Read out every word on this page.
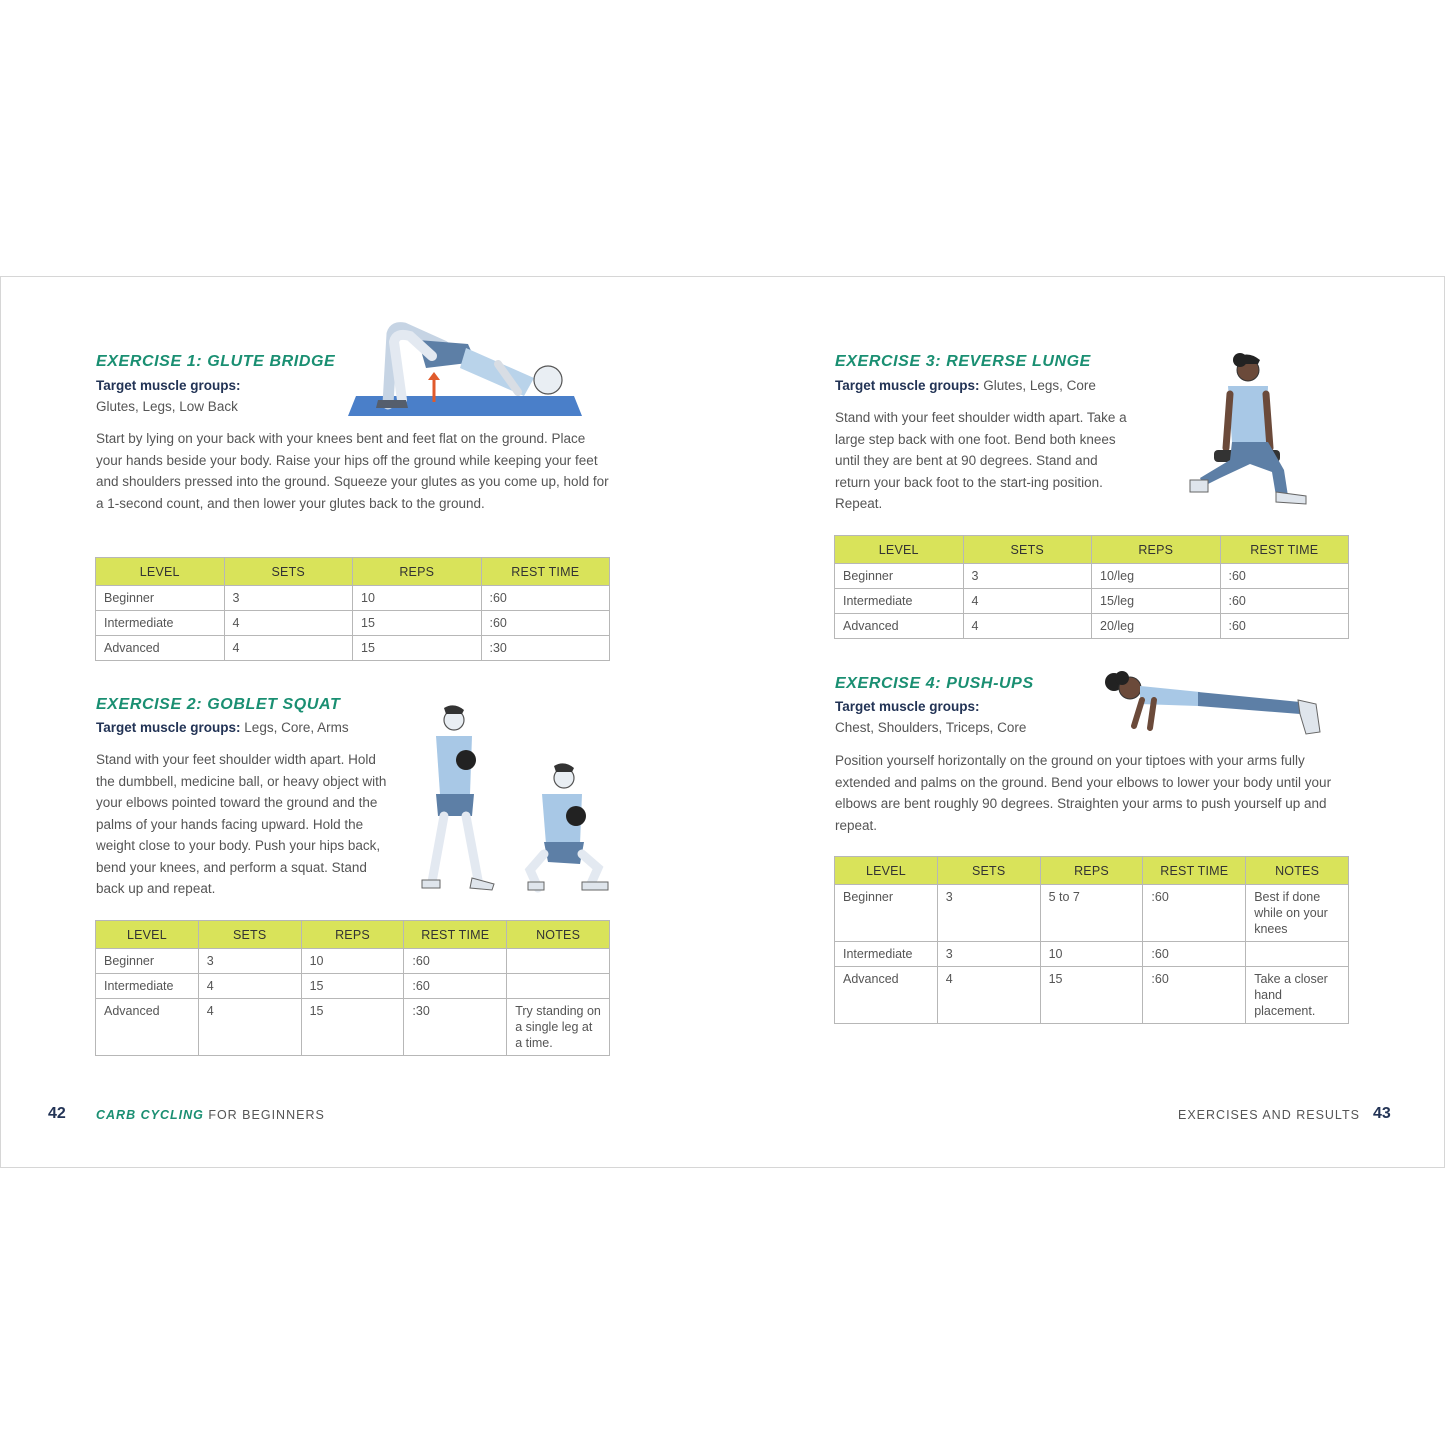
EXERCISE 1: GLUTE BRIDGE
Target muscle groups:
Glutes, Legs, Low Back
Start by lying on your back with your knees bent and feet flat on the ground. Place your hands beside your body. Raise your hips off the ground while keeping your feet and shoulders pressed into the ground. Squeeze your glutes as you come up, hold for a 1-second count, and then lower your glutes back to the ground.
LEVEL	SETS	REPS	REST TIME
Beginner	3	10	:60
Intermediate	4	15	:60
Advanced	4	15	:30
EXERCISE 2: GOBLET SQUAT
Target muscle groups: Legs, Core, Arms
Stand with your feet shoulder width apart. Hold the dumbbell, medicine ball, or heavy object with your elbows pointed toward the ground and the palms of your hands facing upward. Hold the weight close to your body. Push your hips back, bend your knees, and perform a squat. Stand back up and repeat.
LEVEL	SETS	REPS	REST TIME	NOTES
Beginner	3	10	:60	
Intermediate	4	15	:60	
Advanced	4	15	:30	Try standing on a single leg at a time.
42 CARB CYCLING FOR BEGINNERS
EXERCISE 3: REVERSE LUNGE
Target muscle groups: Glutes, Legs, Core
Stand with your feet shoulder width apart. Take a large step back with one foot. Bend both knees until they are bent at 90 degrees. Stand and return your back foot to the start-ing position. Repeat.
LEVEL	SETS	REPS	REST TIME
Beginner	3	10/leg	:60
Intermediate	4	15/leg	:60
Advanced	4	20/leg	:60
EXERCISE 4: PUSH-UPS
Target muscle groups:
Chest, Shoulders, Triceps, Core
Position yourself horizontally on the ground on your tiptoes with your arms fully extended and palms on the ground. Bend your elbows to lower your body until your elbows are bent roughly 90 degrees. Straighten your arms to push yourself up and repeat.
LEVEL	SETS	REPS	REST TIME	NOTES
Beginner	3	5 to 7	:60	Best if done while on your knees
Intermediate	3	10	:60	
Advanced	4	15	:60	Take a closer hand placement.
EXERCISES AND RESULTS 43
